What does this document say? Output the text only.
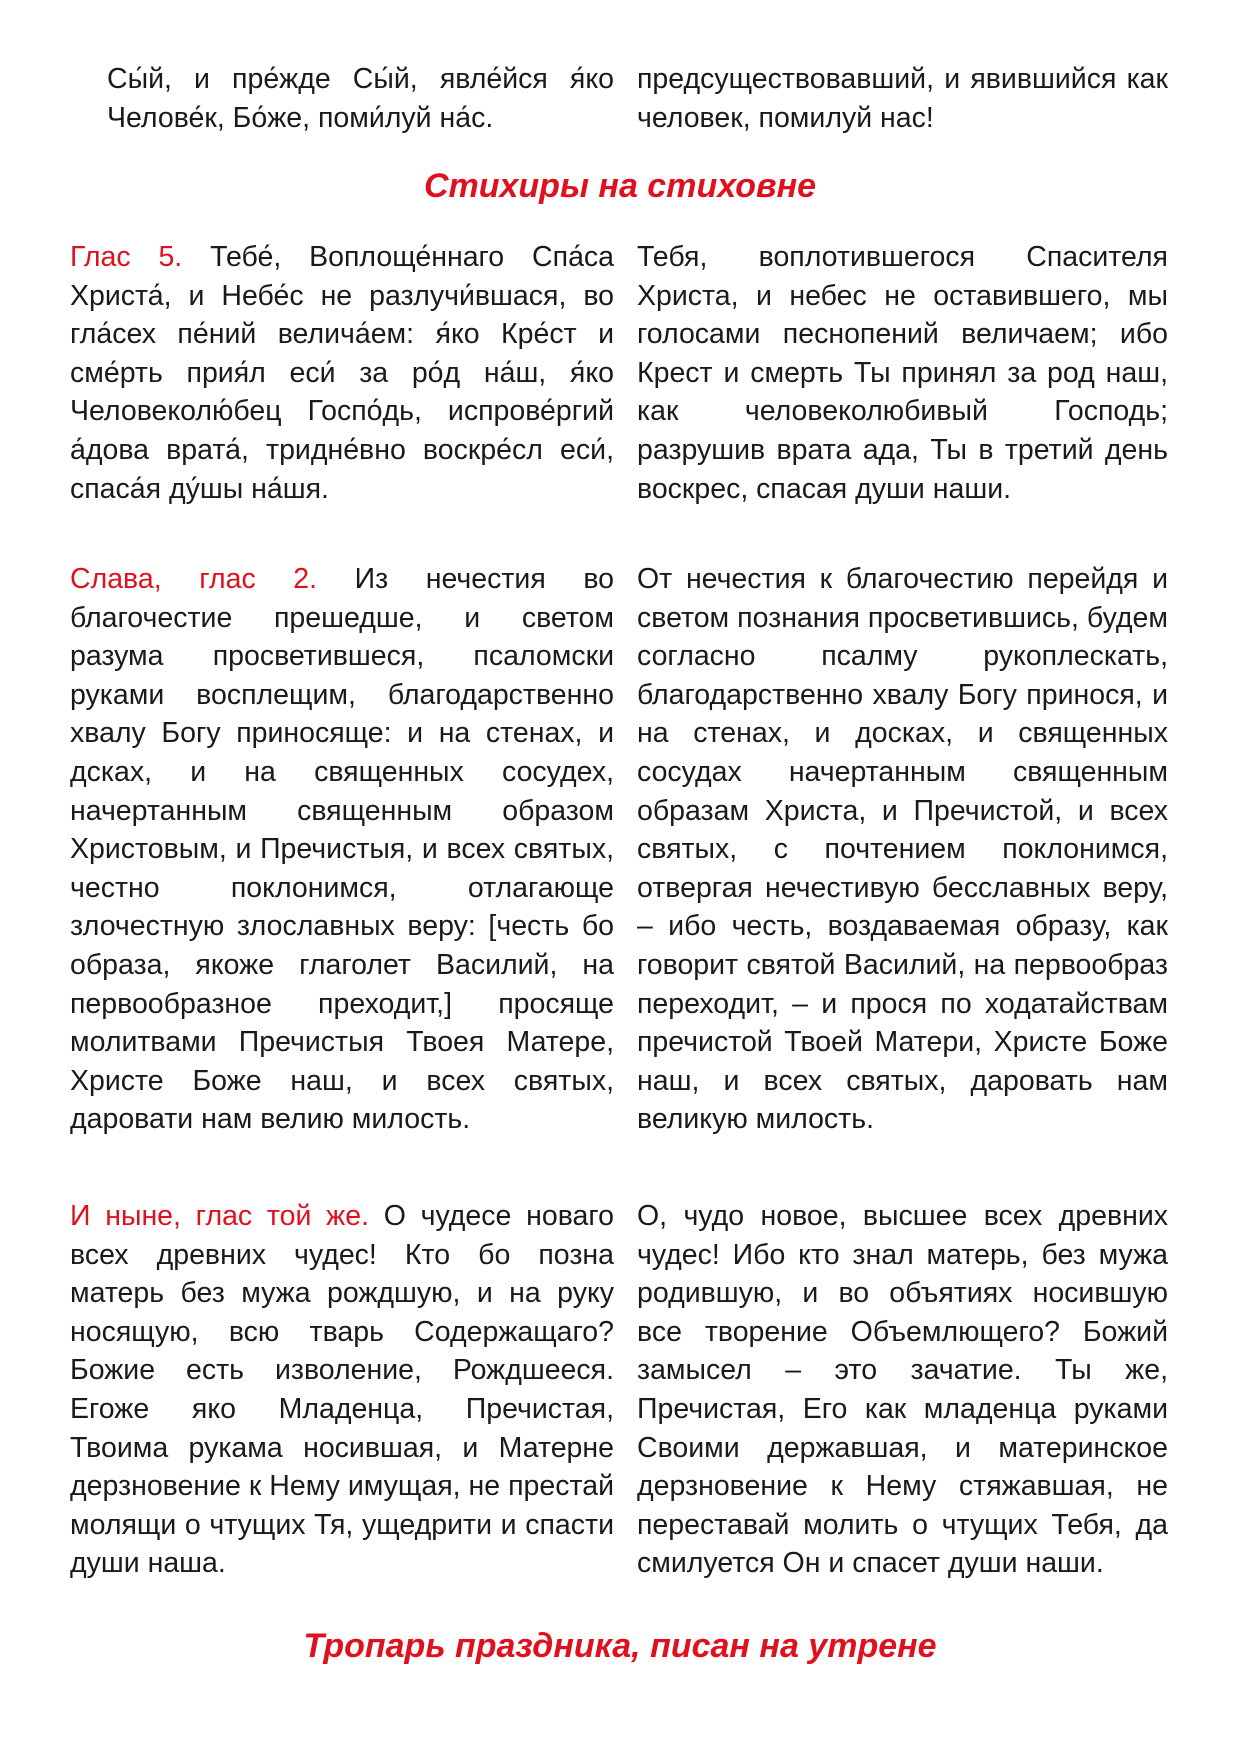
Сы́й, и пре́жде Сы́й, явле́йся я́ко Челове́к, Бо́же, поми́луй на́с.

предсуществовавший, и явившийся как человек, помилуй нас!

Стихиры на стиховне

Глас 5. Тебе́, Воплоще́ннаго Спа́са Христа́, и Небе́с не разлучи́вшася, во гла́сех пе́ний велича́ем: я́ко Кре́ст и сме́рть прия́л еси́ за ро́д на́ш, я́ко Человеколю́бец Госпо́дь, испрове́ргий а́дова врата́, тридне́вно воскре́сл еси́, спаса́я ду́шы на́шя.

Тебя, воплотившегося Спасителя Христа, и небес не оставившего, мы голосами песнопений величаем; ибо Крест и смерть Ты принял за род наш, как человеколюбивый Господь; разрушив врата ада, Ты в третий день воскрес, спасая души наши.

Слава, глас 2. Из нечестия во благочестие прешедше, и светом разума просветившеся, псаломски руками восплещим, благодарственно хвалу Богу приносяще: и на стенах, и дсках, и на священных сосудех, начертанным священным образом Христовым, и Пречистыя, и всех святых, честно поклонимся, отлагающе злочестную злославных веру: [честь бо образа, якоже глаголет Василий, на первообразное преходит,] просяще молитвами Пречистыя Твоея Матере, Христе Боже наш, и всех святых, даровати нам велию милость.

От нечестия к благочестию перейдя и светом познания просветившись, будем согласно псалму рукоплескать, благодарственно хвалу Богу принося, и на стенах, и досках, и священных сосудах начертанным священным образам Христа, и Пречистой, и всех святых, с почтением поклонимся, отвергая нечестивую бесславных веру, – ибо честь, воздаваемая образу, как говорит святой Василий, на первообраз переходит, – и прося по ходатайствам пречистой Твоей Матери, Христе Боже наш, и всех святых, даровать нам великую милость.

И ныне, глас той же. О чудесе новаго всех древних чудес! Кто бо позна матерь без мужа рождшую, и на руку носящую, всю тварь Содержащаго? Божие есть изволение, Рождшееся. Егоже яко Младенца, Пречистая, Твоима рукама носившая, и Матерне дерзновение к Нему имущая, не престай молящи о чтущих Тя, ущедрити и спасти души наша.

О, чудо новое, высшее всех древних чудес! Ибо кто знал матерь, без мужа родившую, и во объятиях носившую все творение Объемлющего? Божий замысел – это зачатие. Ты же, Пречистая, Его как младенца руками Своими державшая, и материнское дерзновение к Нему стяжавшая, не переставай молить о чтущих Тебя, да смилуется Он и спасет души наши.

Тропарь праздника, писан на утрене
